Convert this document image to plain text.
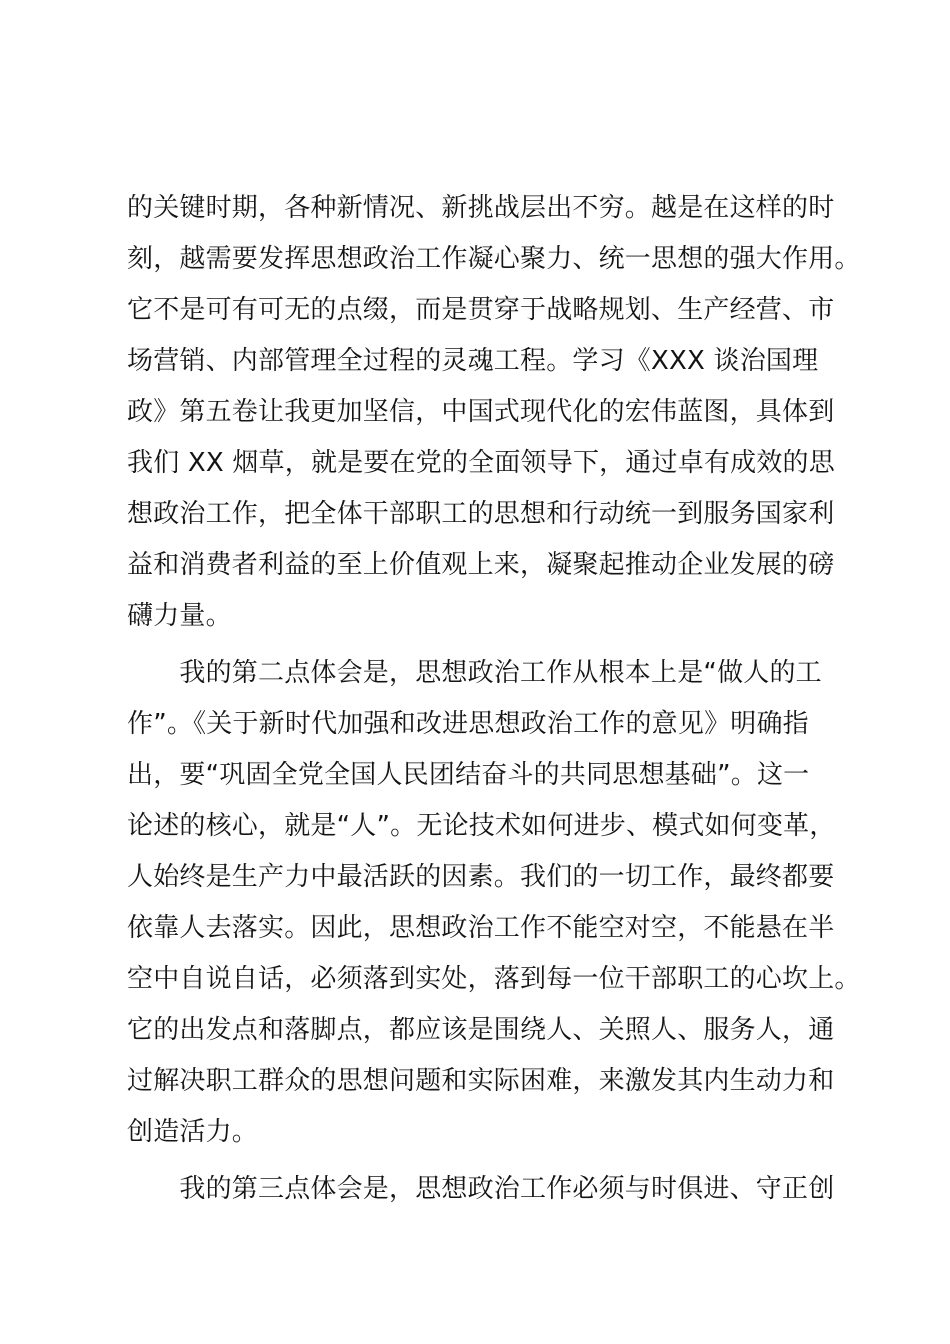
的关键时期，各种新情况、新挑战层出不穷。越是在这样的时
刻，越需要发挥思想政治工作凝心聚力、统一思想的强大作用。
它不是可有可无的点缀，而是贯穿于战略规划、生产经营、市
场营销、内部管理全过程的灵魂工程。学习《XXX 谈治国理
政》第五卷让我更加坚信，中国式现代化的宏伟蓝图，具体到
我们 XX 烟草，就是要在党的全面领导下，通过卓有成效的思
想政治工作，把全体干部职工的思想和行动统一到服务国家利
益和消费者利益的至上价值观上来，凝聚起推动企业发展的磅
礴力量。
　　我的第二点体会是，思想政治工作从根本上是“做人的工
作”。《关于新时代加强和改进思想政治工作的意见》明确指
出，要“巩固全党全国人民团结奋斗的共同思想基础”。这一
论述的核心，就是“人”。无论技术如何进步、模式如何变革，
人始终是生产力中最活跃的因素。我们的一切工作，最终都要
依靠人去落实。因此，思想政治工作不能空对空，不能悬在半
空中自说自话，必须落到实处，落到每一位干部职工的心坎上。
它的出发点和落脚点，都应该是围绕人、关照人、服务人，通
过解决职工群众的思想问题和实际困难，来激发其内生动力和
创造活力。
　　我的第三点体会是，思想政治工作必须与时俱进、守正创
